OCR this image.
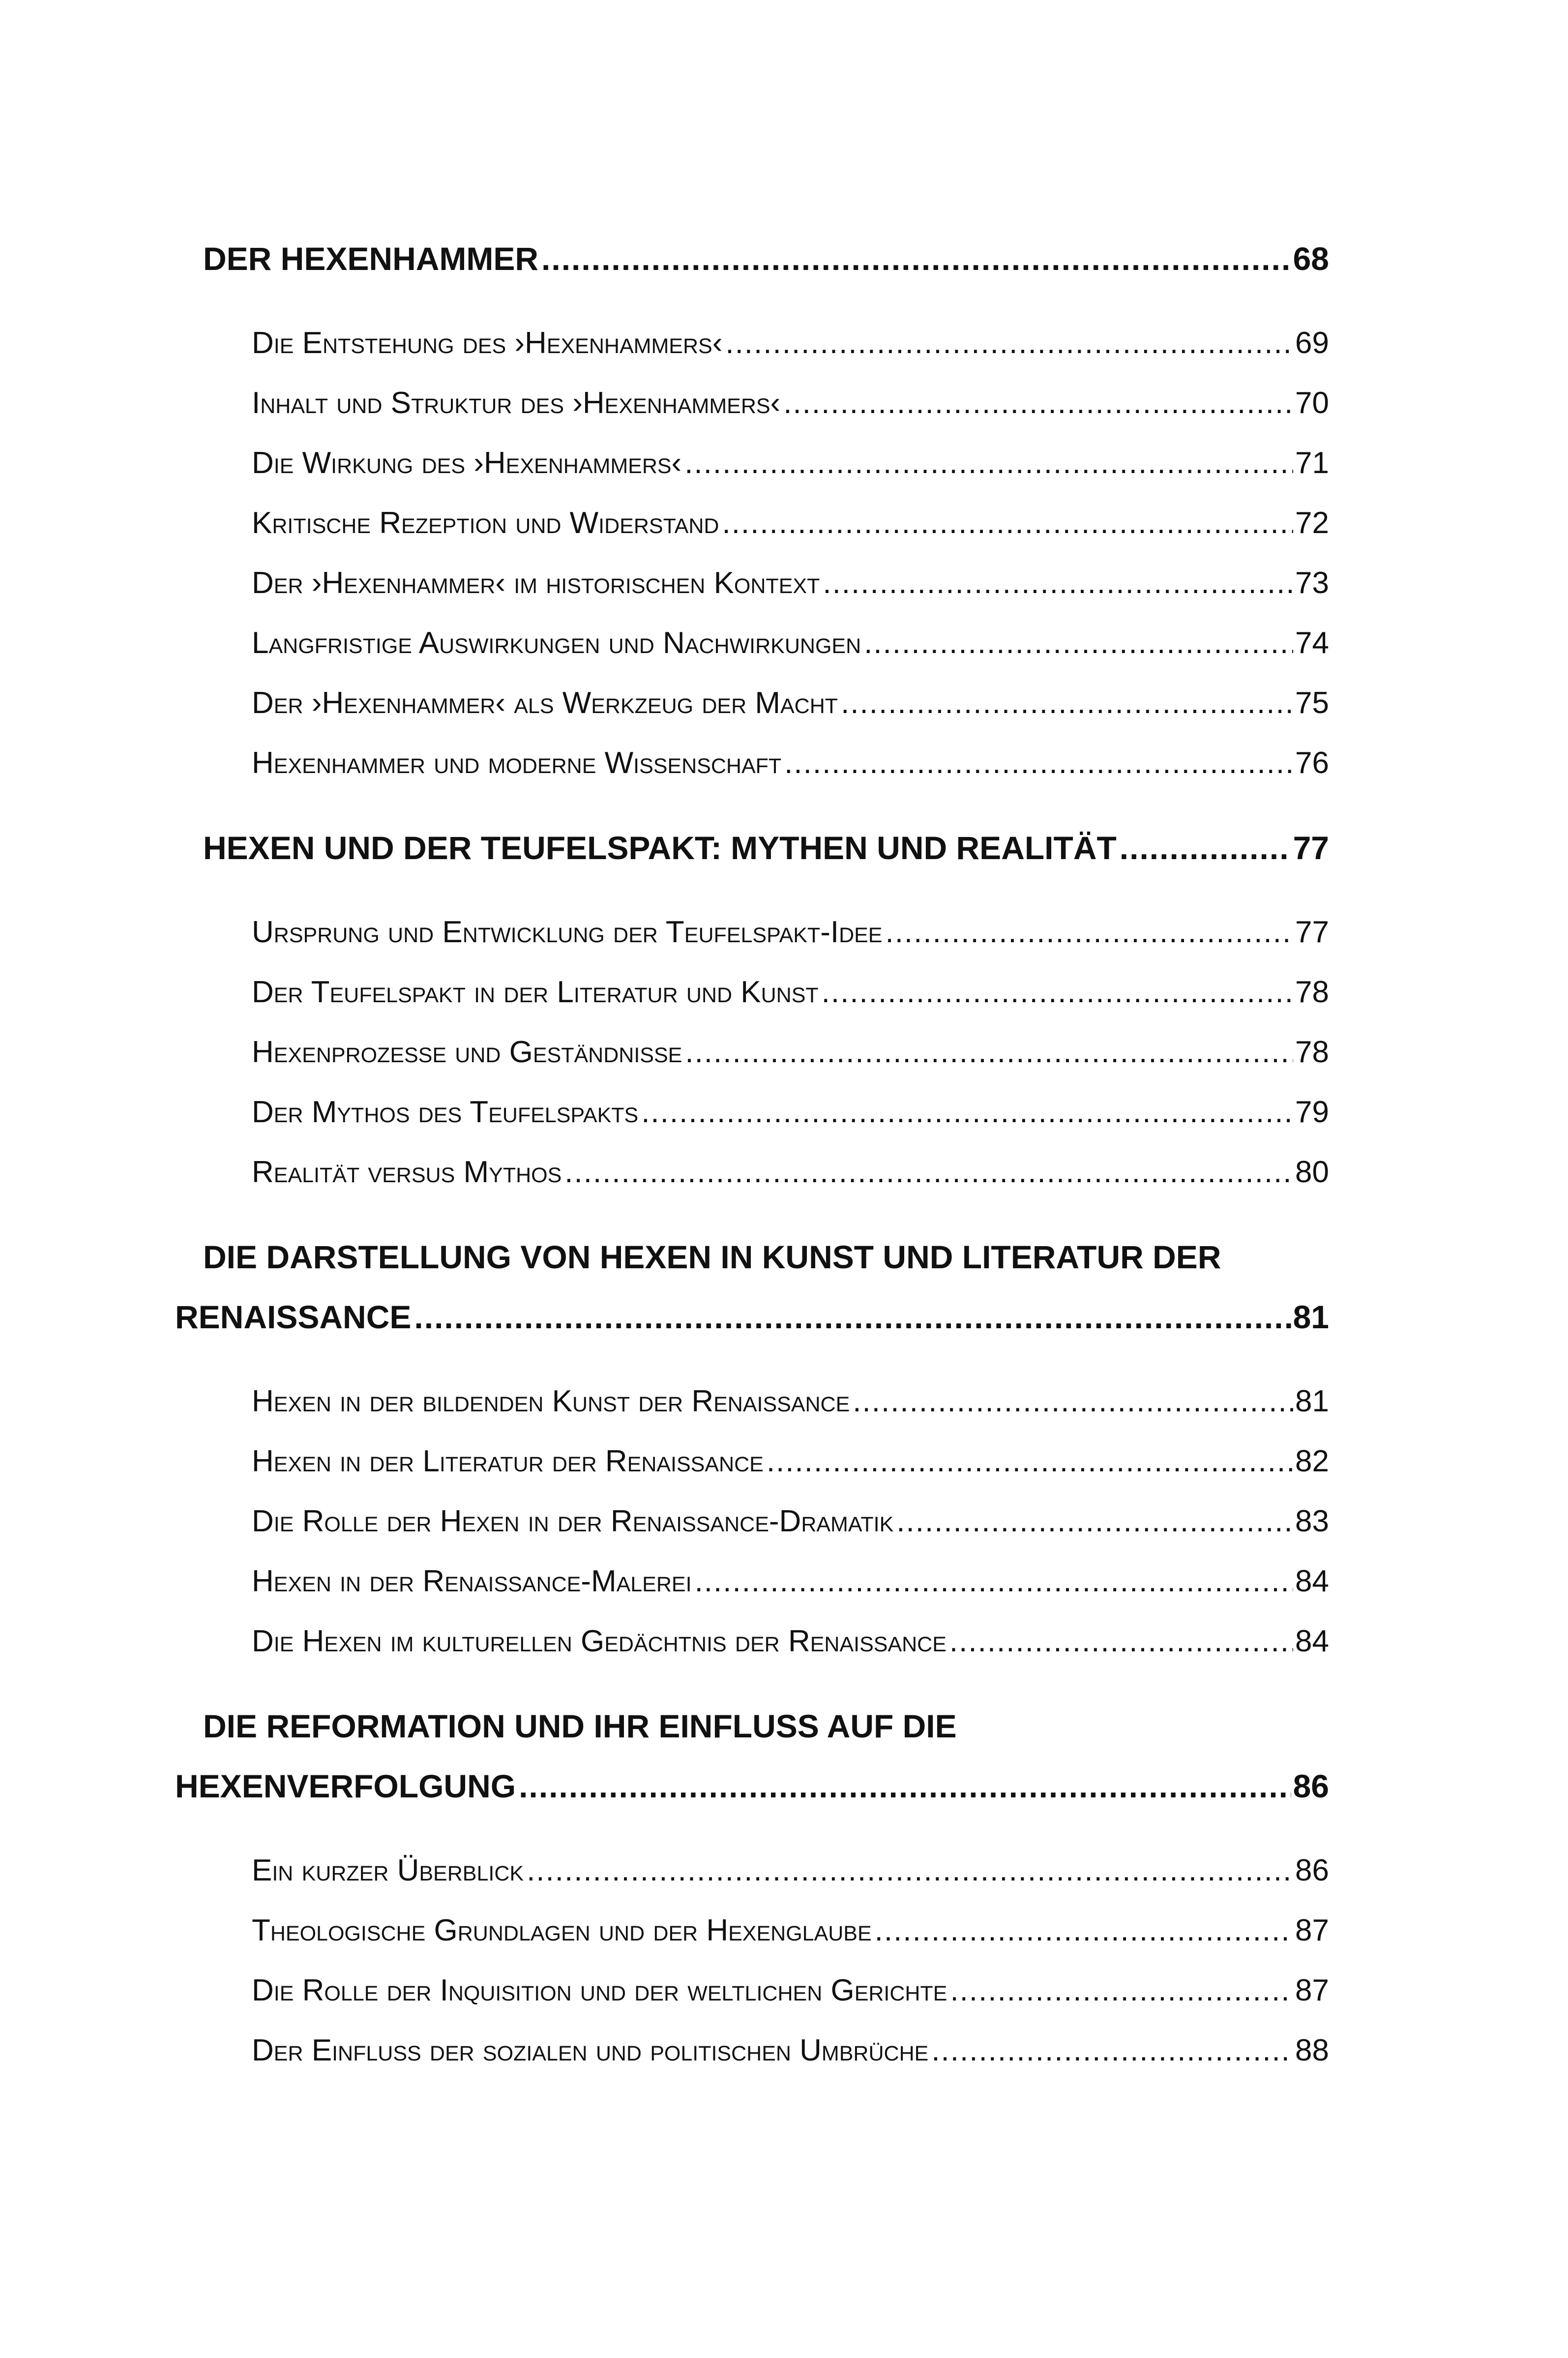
DER HEXENHAMMER .....	68
Die Entstehung des ›Hexenhammers‹ .....	69
Inhalt und Struktur des ›Hexenhammers‹ .....	70
Die Wirkung des ›Hexenhammers‹ .....	71
Kritische Rezeption und Widerstand .....	72
Der ›Hexenhammer‹ im historischen Kontext .....	73
Langfristige Auswirkungen und Nachwirkungen .....	74
Der ›Hexenhammer‹ als Werkzeug der Macht .....	75
Hexenhammer und moderne Wissenschaft .....	76
HEXEN UND DER TEUFELSPAKT: MYTHEN UND REALITÄT .....	77
Ursprung und Entwicklung der Teufelspakt-Idee .....	77
Der Teufelspakt in der Literatur und Kunst .....	78
Hexenprozesse und Geständnisse .....	78
Der Mythos des Teufelspakts .....	79
Realität versus Mythos .....	80
DIE DARSTELLUNG VON HEXEN IN KUNST UND LITERATUR DER
RENAISSANCE .....	81
Hexen in der bildenden Kunst der Renaissance .....	81
Hexen in der Literatur der Renaissance .....	82
Die Rolle der Hexen in der Renaissance-Dramatik .....	83
Hexen in der Renaissance-Malerei .....	84
Die Hexen im kulturellen Gedächtnis der Renaissance .....	84
DIE REFORMATION UND IHR EINFLUSS AUF DIE
HEXENVERFOLGUNG .....	86
Ein kurzer Überblick .....	86
Theologische Grundlagen und der Hexenglaube .....	87
Die Rolle der Inquisition und der weltlichen Gerichte .....	87
Der Einfluss der sozialen und politischen Umbrüche .....	88
